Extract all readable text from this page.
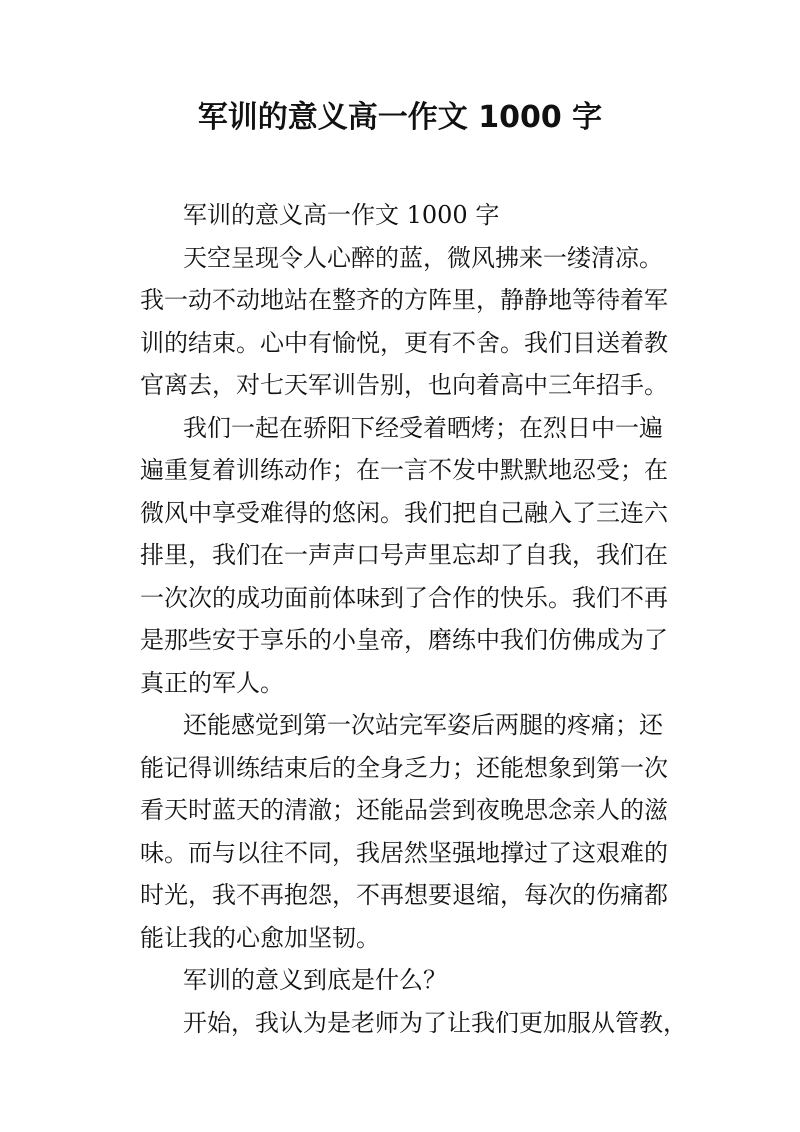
军训的意义高一作文 1000 字
军训的意义高一作文 1000 字
天空呈现令人心醉的蓝，微风拂来一缕清凉。
我一动不动地站在整齐的方阵里，静静地等待着军
训的结束。心中有愉悦，更有不舍。我们目送着教
官离去，对七天军训告别，也向着高中三年招手。
我们一起在骄阳下经受着晒烤；在烈日中一遍
遍重复着训练动作；在一言不发中默默地忍受；在
微风中享受难得的悠闲。我们把自己融入了三连六
排里，我们在一声声口号声里忘却了自我，我们在
一次次的成功面前体味到了合作的快乐。我们不再
是那些安于享乐的小皇帝，磨练中我们仿佛成为了
真正的军人。
还能感觉到第一次站完军姿后两腿的疼痛；还
能记得训练结束后的全身乏力；还能想象到第一次
看天时蓝天的清澈；还能品尝到夜晚思念亲人的滋
味。而与以往不同，我居然坚强地撑过了这艰难的
时光，我不再抱怨，不再想要退缩，每次的伤痛都
能让我的心愈加坚韧。
军训的意义到底是什么？
开始，我认为是老师为了让我们更加服从管教，
